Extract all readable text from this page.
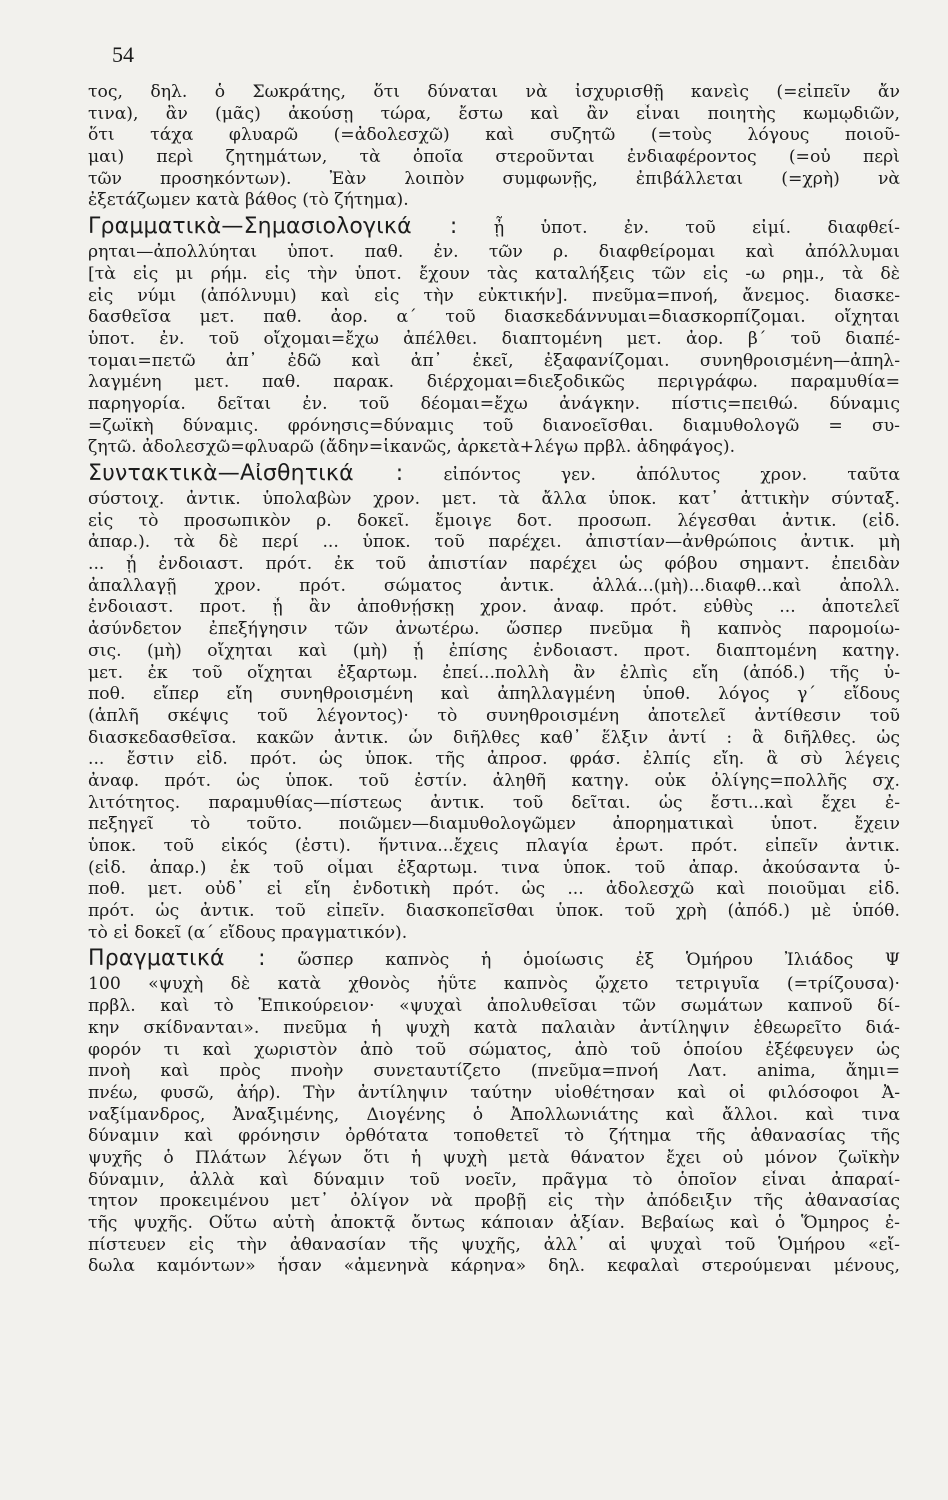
54
τος, δηλ. ὁ Σωκράτης, ὅτι δύναται νὰ ἰσχυρισθῇ κανεὶς (=εἰπεῖν ἄν
τινα), ἂν (μᾶς) ἀκούσῃ τώρα, ἔστω καὶ ἂν εἶναι ποιητὴς κωμῳδιῶν,
ὅτι τάχα φλυαρῶ (=ἀδολεσχῶ) καὶ συζητῶ (=τοὺς λόγους ποιοῦ-
μαι) περὶ ζητημάτων, τὰ ὁποῖα στεροῦνται ἐνδιαφέροντος (=οὐ περὶ
τῶν προσηκόντων). Ἐὰν λοιπὸν συμφωνῇς, ἐπιβάλλεται (=χρὴ) νὰ
ἐξετάζωμεν κατὰ βάθος (τὸ ζήτημα).
Γραμματικὰ—Σημασιολογικά : ᾖ ὑποτ. ἐν. τοῦ εἰμί. διαφθεί-
ρηται—ἀπολλύηται ὑποτ. παθ. ἐν. τῶν ρ. διαφθείρομαι καὶ ἀπόλλυμαι
[τὰ εἰς μι ρήμ. εἰς τὴν ὑποτ. ἔχουν τὰς καταλήξεις τῶν εἰς -ω ρημ., τὰ δὲ
εἰς νύμι (ἀπόλνυμι) καὶ εἰς τὴν εὐκτικήν]. πνεῦμα=πνοή, ἄνεμος. διασκε-
δασθεῖσα μετ. παθ. ἀορ. α΄ τοῦ διασκεδάννυμαι=διασκορπίζομαι. οἴχηται
ὑποτ. ἐν. τοῦ οἴχομαι=ἔχω ἀπέλθει. διαπτομένη μετ. ἀορ. β΄ τοῦ διαπέ-
τομαι=πετῶ ἀπ᾽ ἐδῶ καὶ ἀπ᾽ ἐκεῖ, ἐξαφανίζομαι. συνηθροισμένη—ἀπηλ-
λαγμένη μετ. παθ. παρακ. διέρχομαι=διεξοδικῶς περιγράφω. παραμυθία=
παρηγορία. δεῖται ἐν. τοῦ δέομαι=ἔχω ἀνάγκην. πίστις=πειθώ. δύναμις
=ζωϊκὴ δύναμις. φρόνησις=δύναμις τοῦ διανοεῖσθαι. διαμυθολογῶ = συ-
ζητῶ. ἀδολεσχῶ=φλυαρῶ (ἄδην=ἱκανῶς, ἀρκετὰ+λέγω πρβλ. ἀδηφάγος).
Συντακτικὰ—Αἰσθητικά : εἰπόντος γεν. ἀπόλυτος χρον. ταῦτα
σύστοιχ. ἀντικ. ὑπολαβὼν χρον. μετ. τὰ ἄλλα ὑποκ. κατ᾽ ἀττικὴν σύνταξ.
εἰς τὸ προσωπικὸν ρ. δοκεῖ. ἔμοιγε δοτ. προσωπ. λέγεσθαι ἀντικ. (εἰδ.
ἀπαρ.). τὰ δὲ περί ... ὑποκ. τοῦ παρέχει. ἀπιστίαν—ἀνθρώποις ἀντικ. μὴ
... ᾖ ἐνδοιαστ. πρότ. ἐκ τοῦ ἀπιστίαν παρέχει ὡς φόβου σημαντ. ἐπειδὰν
ἀπαλλαγῇ χρον. πρότ. σώματος ἀντικ. ἀλλά...(μὴ)...διαφθ...καὶ ἀπολλ.
ἐνδοιαστ. προτ. ᾖ ἂν ἀποθνῄσκῃ χρον. ἀναφ. πρότ. εὐθὺς ... ἀποτελεῖ
ἀσύνδετον ἐπεξήγησιν τῶν ἀνωτέρω. ὥσπερ πνεῦμα ἢ καπνὸς παρομοίω-
σις. (μὴ) οἴχηται καὶ (μὴ) ᾖ ἐπίσης ἐνδοιαστ. προτ. διαπτομένη κατηγ.
μετ. ἐκ τοῦ οἴχηται ἐξαρτωμ. ἐπεί...πολλὴ ἂν ἐλπὶς εἴη (ἀπόδ.) τῆς ὑ-
ποθ. εἴπερ εἴη συνηθροισμένη καὶ ἀπηλλαγμένη ὑποθ. λόγος γ΄ εἴδους
(ἁπλῆ σκέψις τοῦ λέγοντος)· τὸ συνηθροισμένη ἀποτελεῖ ἀντίθεσιν τοῦ
διασκεδασθεῖσα. κακῶν ἀντικ. ὧν διῆλθες καθ᾽ ἕλξιν ἀντί : ἃ διῆλθες. ὡς
... ἔστιν εἰδ. πρότ. ὡς ὑποκ. τῆς ἀπροσ. φράσ. ἐλπίς εἴη. ἃ σὺ λέγεις
ἀναφ. πρότ. ὡς ὑποκ. τοῦ ἐστίν. ἀληθῆ κατηγ. οὐκ ὀλίγης=πολλῆς σχ.
λιτότητος. παραμυθίας—πίστεως ἀντικ. τοῦ δεῖται. ὡς ἔστι...καὶ ἔχει ἐ-
πεξηγεῖ τὸ τοῦτο. ποιῶμεν—διαμυθολογῶμεν ἀπορηματικαὶ ὑποτ. ἔχειν
ὑποκ. τοῦ εἰκός (ἐστι). ἥντινα...ἔχεις πλαγία ἐρωτ. πρότ. εἰπεῖν ἀντικ.
(εἰδ. ἀπαρ.) ἐκ τοῦ οἶμαι ἐξαρτωμ. τινα ὑποκ. τοῦ ἀπαρ. ἀκούσαντα ὑ-
ποθ. μετ. οὐδ᾽ εἰ εἴη ἐνδοτικὴ πρότ. ὡς ... ἀδολεσχῶ καὶ ποιοῦμαι εἰδ.
πρότ. ὡς ἀντικ. τοῦ εἰπεῖν. διασκοπεῖσθαι ὑποκ. τοῦ χρὴ (ἀπόδ.) μὲ ὑπόθ.
τὸ εἰ δοκεῖ (α΄ εἴδους πραγματικόν).
Πραγματικά : ὥσπερ καπνὸς ἡ ὁμοίωσις ἐξ Ὁμήρου Ἰλιάδος Ψ
100 «ψυχὴ δὲ κατὰ χθονὸς ἠΰτε καπνὸς ᾤχετο τετριγυῖα (=τρίζουσα)·
πρβλ. καὶ τὸ Ἐπικούρειον· «ψυχαὶ ἀπολυθεῖσαι τῶν σωμάτων καπνοῦ δί-
κην σκίδνανται». πνεῦμα ἡ ψυχὴ κατὰ παλαιὰν ἀντίληψιν ἐθεωρεῖτο διά-
φορόν τι καὶ χωριστὸν ἀπὸ τοῦ σώματος, ἀπὸ τοῦ ὁποίου ἐξέφευγεν ὡς
πνοὴ καὶ πρὸς πνοὴν συνεταυτίζετο (πνεῦμα=πνοή Λατ. anima, ἄημι=
πνέω, φυσῶ, ἀήρ). Τὴν ἀντίληψιν ταύτην υἱοθέτησαν καὶ οἱ φιλόσοφοι Ἀ-
ναξίμανδρος, Ἀναξιμένης, Διογένης ὁ Ἀπολλωνιάτης καὶ ἄλλοι. καὶ τινα
δύναμιν καὶ φρόνησιν ὀρθότατα τοποθετεῖ τὸ ζήτημα τῆς ἀθανασίας τῆς
ψυχῆς ὁ Πλάτων λέγων ὅτι ἡ ψυχὴ μετὰ θάνατον ἔχει οὐ μόνον ζωϊκὴν
δύναμιν, ἀλλὰ καὶ δύναμιν τοῦ νοεῖν, πρᾶγμα τὸ ὁποῖον εἶναι ἀπαραί-
τητον προκειμένου μετ᾽ ὀλίγον νὰ προβῇ εἰς τὴν ἀπόδειξιν τῆς ἀθανασίας
τῆς ψυχῆς. Οὕτω αὐτὴ ἀποκτᾷ ὄντως κάποιαν ἀξίαν. Βεβαίως καὶ ὁ Ὅμηρος ἐ-
πίστευεν εἰς τὴν ἀθανασίαν τῆς ψυχῆς, ἀλλ᾽ αἱ ψυχαὶ τοῦ Ὁμήρου «εἴ-
δωλα καμόντων» ἦσαν «ἀμενηνὰ κάρηνα» δηλ. κεφαλαὶ στερούμεναι μένους,
